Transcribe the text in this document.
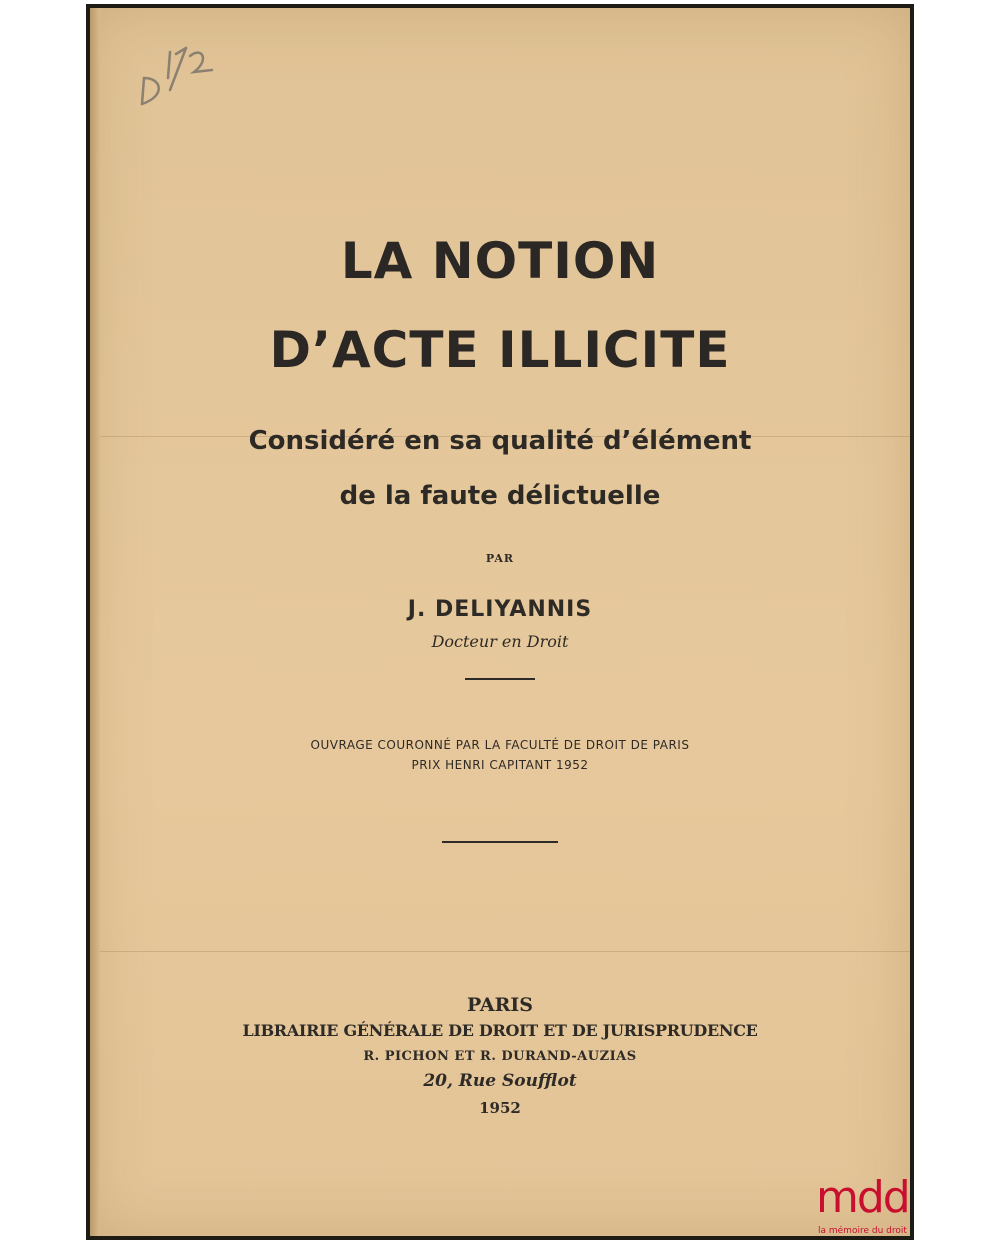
LA NOTION
D’ACTE ILLICITE
Considéré en sa qualité d’élément
de la faute délictuelle
PAR
J. DELIYANNIS
Docteur en Droit
OUVRAGE COURONNÉ PAR LA FACULTÉ DE DROIT DE PARIS
PRIX HENRI CAPITANT 1952
PARIS
LIBRAIRIE GÉNÉRALE DE DROIT ET DE JURISPRUDENCE
R. PICHON ET R. DURAND-AUZIAS
20, Rue Soufflot
1952
mdd
la mémoire du droit
